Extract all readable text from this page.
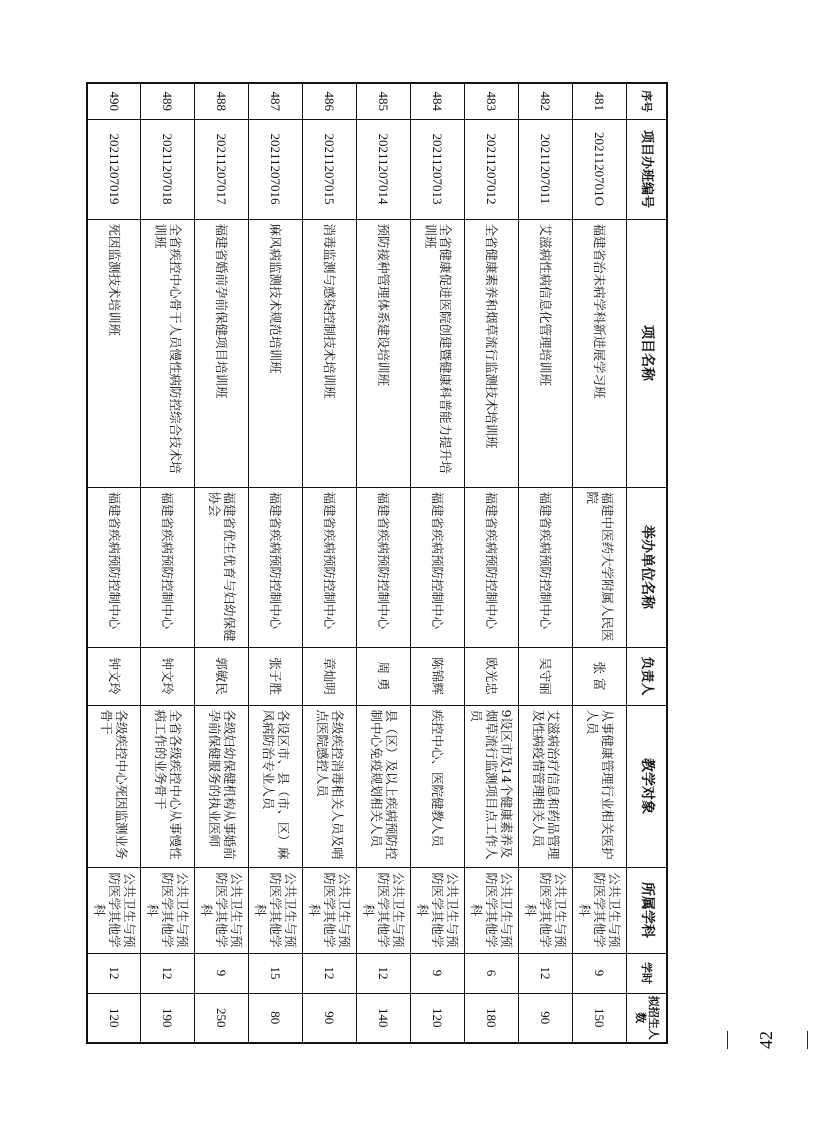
序号	项目办班编号	项目名称	举办单位名称	负责人	教学对象	所属学科	学时	拟招生人数
481	2021120701O	福建省治未病学科新进展学习班	福建中医药大学附属人民医院	张 富	从事健康管理行业相关医护人员	公共卫生与预防医学其他学科	9	150
482	20211207011	艾滋病性病信息化管理培训班	福建省疾病预防控制中心	吴守丽	艾滋病治疗信息和药品管理及性病疫情管理相关人员	公共卫生与预防医学其他学科	12	90
483	20211207012	全省健康素养和烟草流行监测技术培训班	福建省疾病预防控制中心	欧光忠	9设区市及14个健康素养及烟草流行监测项目点工作人员	公共卫生与预防医学其他学科	6	180
484	20211207013	全省健康促进医院创建暨健康科普能力提升培训班	福建省疾病预防控制中心	陈锦辉	疾控中心、医院健教人员	公共卫生与预防医学其他学科	9	120
485	20211207014	预防接种管理体系建设培训班	福建省疾病预防控制中心	周 勇	县（区）及以上疾病预防控制中心免疫规划相关人员	公共卫生与预防医学其他学科	12	140
486	20211207015	消毒监测与感染控制技术培训班	福建省疾病预防控制中心	章灿明	各级疾控消毒相关人员及哨点医院感控人员	公共卫生与预防医学其他学科	12	90
487	20211207016	麻风病监测技术规范培训班	福建省疾病预防控制中心	张子胜	各设区市、县（市、区）麻风病防治专业人员	公共卫生与预防医学其他学科	15	80
488	20211207017	福建省婚前孕前保健项目培训班	福建省优生优育与妇幼保健协会	郭敏民	各级妇幼保健机构从事婚前孕前保健服务的执业医师	公共卫生与预防医学其他学科	9	250
489	20211207018	全省疾控中心骨干人员慢性病防控综合技术培训班	福建省疾病预防控制中心	钟文玲	全省各级疾控中心从事慢性病工作的业务骨干	公共卫生与预防医学其他学科	12	190
490	20211207019	死因监测技术培训班	福建省疾病预防控制中心	钟文玲	各级疾控中心死因监测业务骨干	公共卫生与预防医学其他学科	12	120
— 42 —
